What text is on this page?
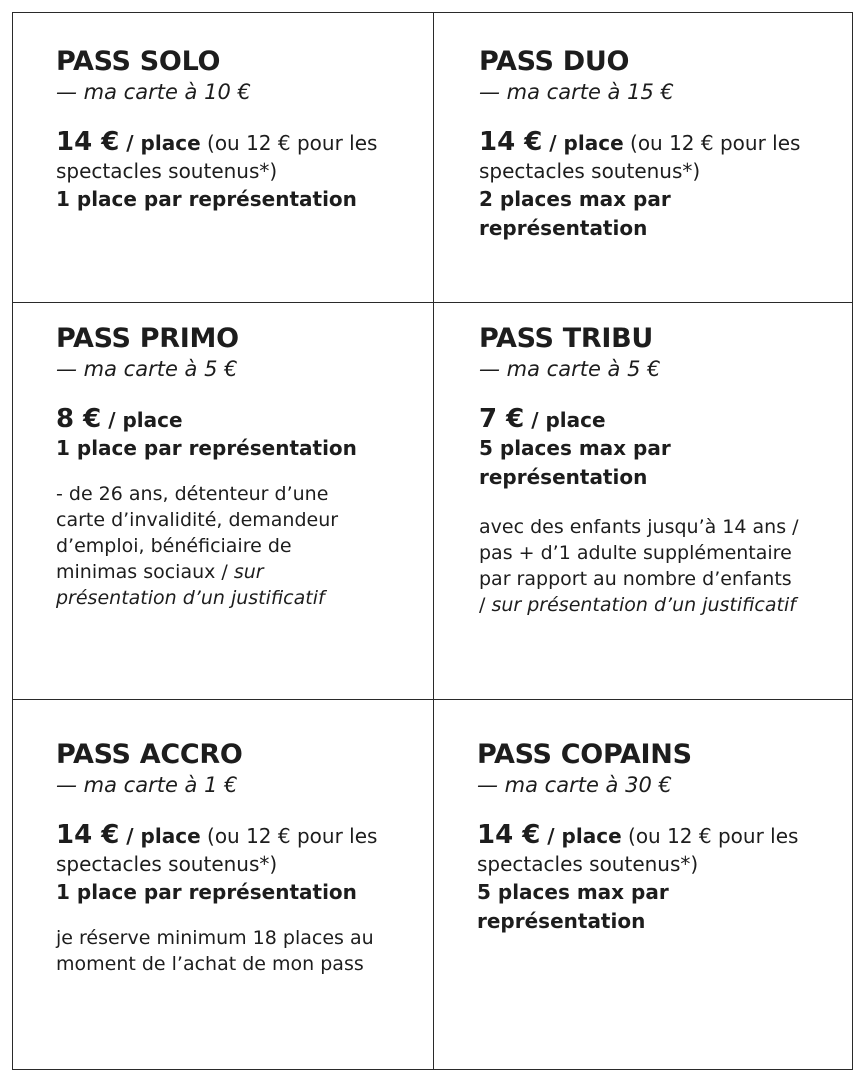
PASS SOLO
— ma carte à 10 €
14 € / place (ou 12 € pour les spectacles soutenus*)
1 place par représentation
PASS DUO
— ma carte à 15 €
14 € / place (ou 12 € pour les spectacles soutenus*)
2 places max par représentation
PASS PRIMO
— ma carte à 5 €
8 € / place
1 place par représentation
- de 26 ans, détenteur d’une carte d’invalidité, demandeur d’emploi, bénéficiaire de minimas sociaux / sur présentation d’un justificatif
PASS TRIBU
— ma carte à 5 €
7 € / place
5 places max par représentation
avec des enfants jusqu’à 14 ans / pas + d’1 adulte supplémentaire par rapport au nombre d’enfants / sur présentation d’un justificatif
PASS ACCRO
— ma carte à 1 €
14 € / place (ou 12 € pour les spectacles soutenus*)
1 place par représentation
je réserve minimum 18 places au moment de l’achat de mon pass
PASS COPAINS
— ma carte à 30 €
14 € / place (ou 12 € pour les spectacles soutenus*)
5 places max par représentation
